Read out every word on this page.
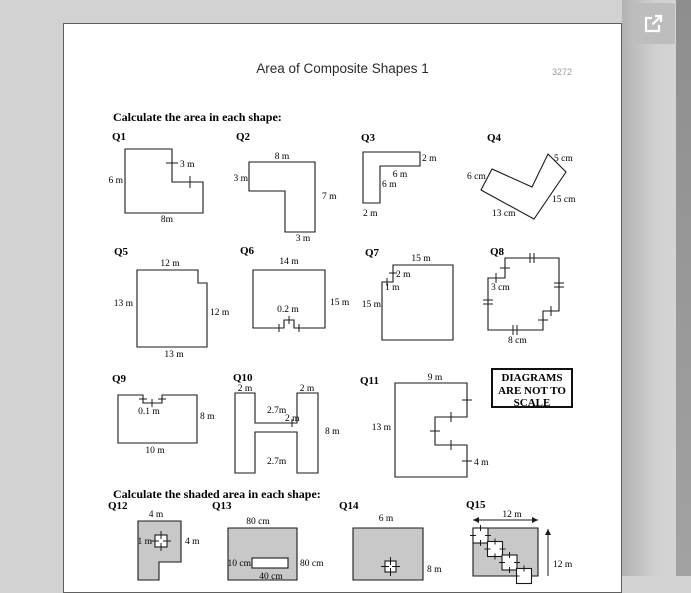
Area of Composite Shapes 1	3272
Calculate the area in each shape:
Calculate the shaded area in each shape:
DIAGRAMS
ARE NOT TO
SCALE
Q1
3 m
6 m
8m
Q2
8 m
3 m
7 m
3 m
Q3
2 m
6 m
6 m
2 m
Q4
5 cm
6 cm
15 cm
13 cm
Q5
12 m
13 m
12 m
13 m
Q6
14 m
15 m
0.2 m
Q7	15 m
2 m
1 m
15 m
Q8
3 cm
8 cm
Q9
0.1 m	8 m
10 m
Q10
2 m	2 m
2.7m
2 m
8 m
2.7m
Q11	9 m
13 m
4 m
Q12
4 m
1 m	4 m
Q13
80 cm
10 cm	80 cm
40 cm
Q14
6 m
8 m
Q15
12 m
12 m
